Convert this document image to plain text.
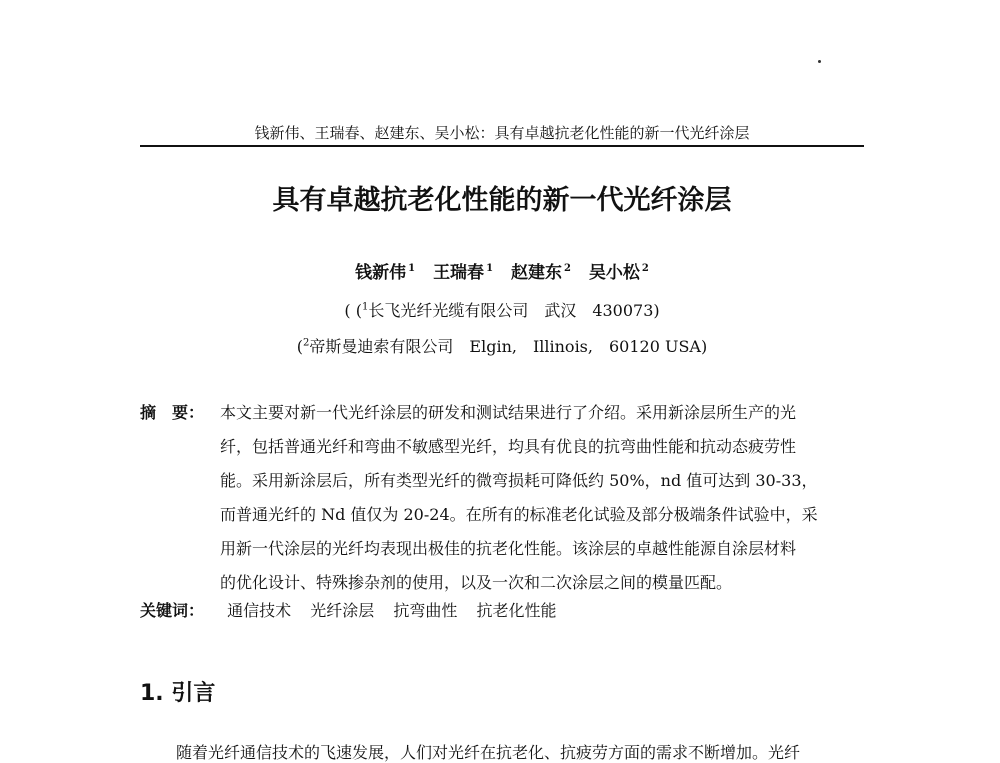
钱新伟、王瑞春、赵建东、吴小松：具有卓越抗老化性能的新一代光纤涂层
具有卓越抗老化性能的新一代光纤涂层
钱新伟 $^1$ 王瑞春 $^1$ 赵建东 $^2$ 吴小松 $^2$
( ($^1$长飞光纤光缆有限公司　武汉　430073)
($^2$帝斯曼迪索有限公司　Elgin,　Illinois,　60120 USA)
摘　要： 本文主要对新一代光纤涂层的研发和测试结果进行了介绍。采用新涂层所生产的光
纤，包括普通光纤和弯曲不敏感型光纤，均具有优良的抗弯曲性能和抗动态疲劳性
能。采用新涂层后，所有类型光纤的微弯损耗可降低约 50%，nd 值可达到 30-33，
而普通光纤的 Nd 值仅为 20-24。在所有的标准老化试验及部分极端条件试验中，采
用新一代涂层的光纤均表现出极佳的抗老化性能。该涂层的卓越性能源自涂层材料
的优化设计、特殊掺杂剂的使用，以及一次和二次涂层之间的模量匹配。
关键词： 通信技术 光纤涂层 抗弯曲性 抗老化性能
1. 引言
随着光纤通信技术的飞速发展，人们对光纤在抗老化、抗疲劳方面的需求不断增加。光纤
